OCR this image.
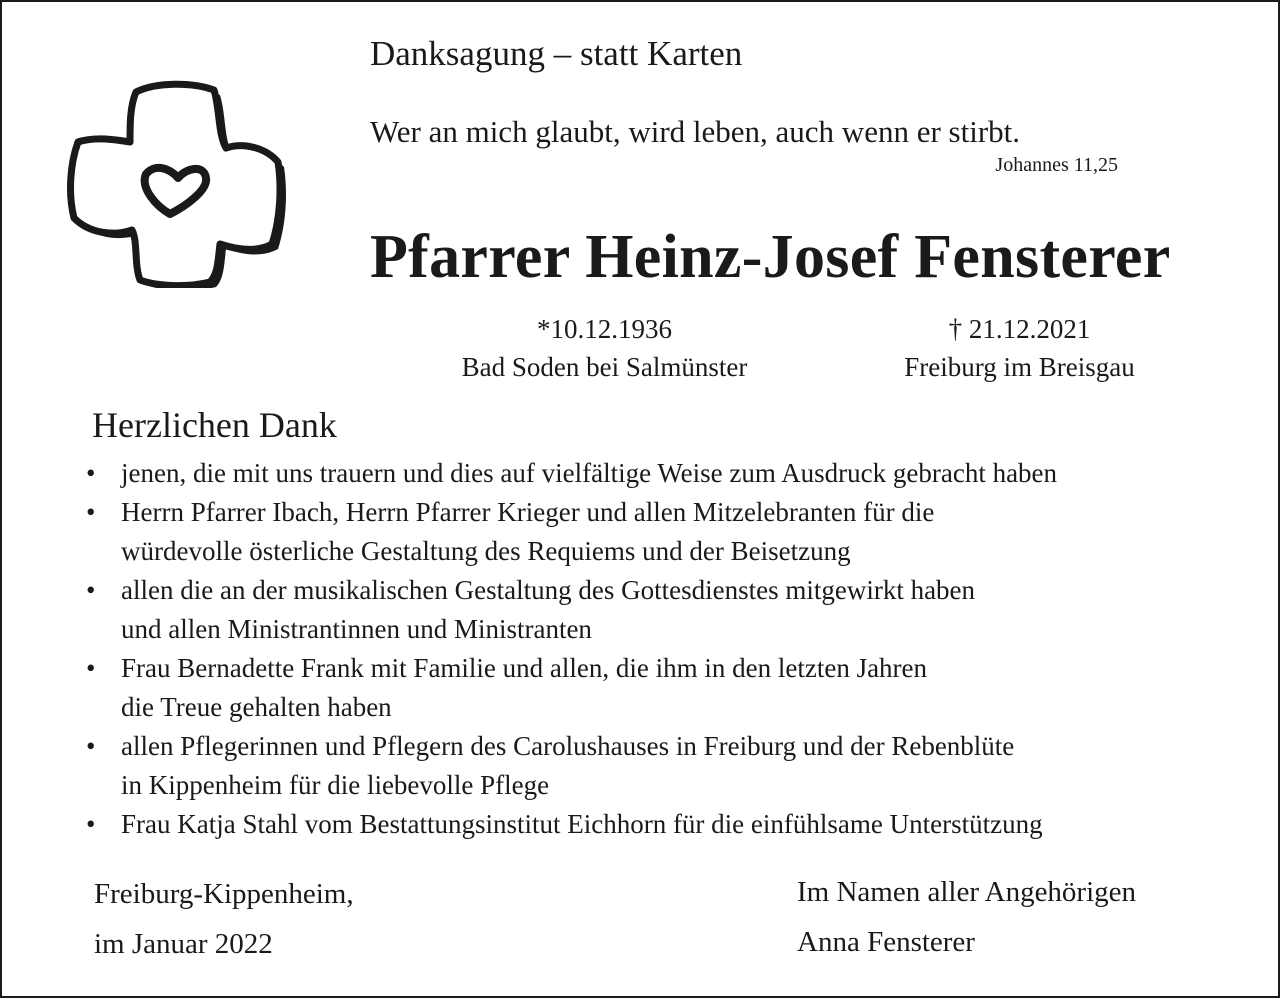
Danksagung – statt Karten
Wer an mich glaubt, wird leben, auch wenn er stirbt.
Johannes 11,25
Pfarrer Heinz-Josef Fensterer
*10.12.1936
Bad Soden bei Salmünster
† 21.12.2021
Freiburg im Breisgau
Herzlichen Dank
• jenen, die mit uns trauern und dies auf vielfältige Weise zum Ausdruck gebracht haben
• Herrn Pfarrer Ibach, Herrn Pfarrer Krieger und allen Mitzelebranten für die
würdevolle österliche Gestaltung des Requiems und der Beisetzung
• allen die an der musikalischen Gestaltung des Gottesdienstes mitgewirkt haben
und allen Ministrantinnen und Ministranten
• Frau Bernadette Frank mit Familie und allen, die ihm in den letzten Jahren
die Treue gehalten haben
• allen Pflegerinnen und Pflegern des Carolushauses in Freiburg und der Rebenblüte
in Kippenheim für die liebevolle Pflege
• Frau Katja Stahl vom Bestattungsinstitut Eichhorn für die einfühlsame Unterstützung
Freiburg-Kippenheim,
im Januar 2022
Im Namen aller Angehörigen
Anna Fensterer
